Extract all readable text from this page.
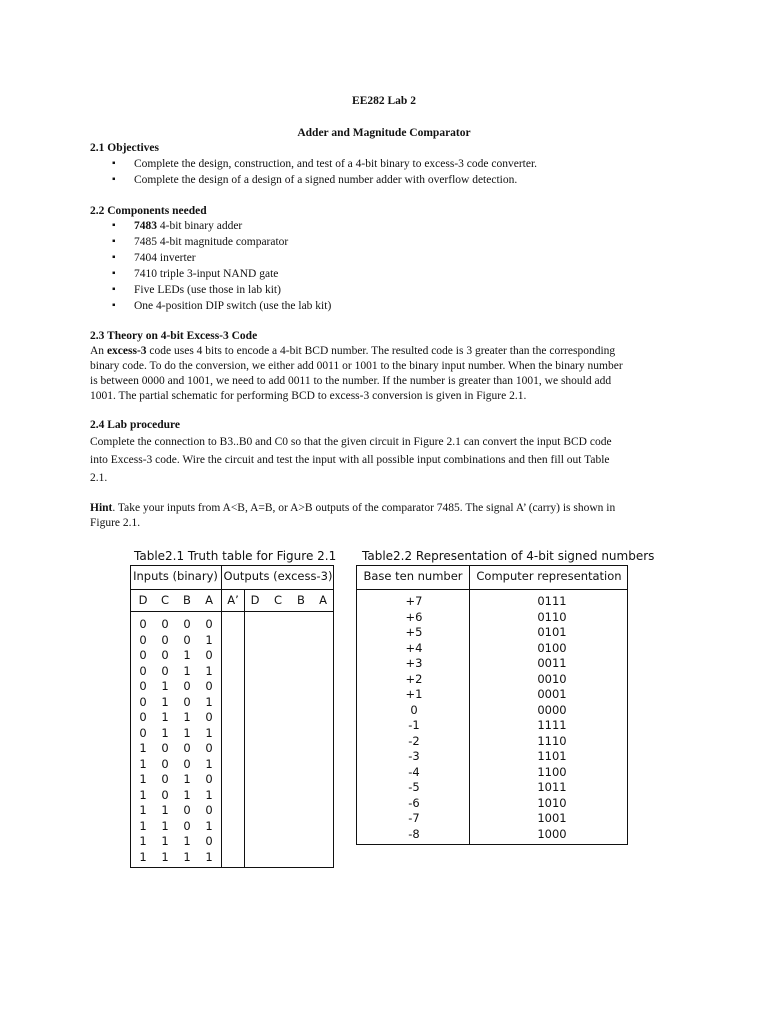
EE282 Lab 2
Adder and Magnitude Comparator
2.1 Objectives
▪ Complete the design, construction, and test of a 4-bit binary to excess-3 code converter.
▪ Complete the design of a design of a signed number adder with overflow detection.
2.2 Components needed
▪ 7483 4-bit binary adder
▪ 7485 4-bit magnitude comparator
▪ 7404 inverter
▪ 7410 triple 3-input NAND gate
▪ Five LEDs (use those in lab kit)
▪ One 4-position DIP switch (use the lab kit)
2.3 Theory on 4-bit Excess-3 Code
An excess-3 code uses 4 bits to encode a 4-bit BCD number. The resulted code is 3 greater than the corresponding
binary code. To do the conversion, we either add 0011 or 1001 to the binary input number. When the binary number
is between 0000 and 1001, we need to add 0011 to the number. If the number is greater than 1001, we should add
1001. The partial schematic for performing BCD to excess-3 conversion is given in Figure 2.1.
2.4 Lab procedure
Complete the connection to B3..B0 and C0 so that the given circuit in Figure 2.1 can convert the input BCD code
into Excess-3 code. Wire the circuit and test the input with all possible input combinations and then fill out Table
2.1.
Hint. Take your inputs from A<B, A=B, or A>B outputs of the comparator 7485. The signal A’ (carry) is shown in
Figure 2.1.
Table2.1 Truth table for Figure 2.1
Inputs (binary) Outputs (excess-3)
D	C	B	A	A’	D	C	B	A
0	0	0	0
0	0	0	1
0	0	1	0
0	0	1	1
0	1	0	0
0	1	0	1
0	1	1	0
0	1	1	1
1	0	0	0
1	0	0	1
1	0	1	0
1	0	1	1
1	1	0	0
1	1	0	1
1	1	1	0
1	1	1	1
Table2.2 Representation of 4-bit signed numbers
Base ten number	Computer representation
+7	0111
+6	0110
+5	0101
+4	0100
+3	0011
+2	0010
+1	0001
0	0000
-1	1111
-2	1110
-3	1101
-4	1100
-5	1011
-6	1010
-7	1001
-8	1000
